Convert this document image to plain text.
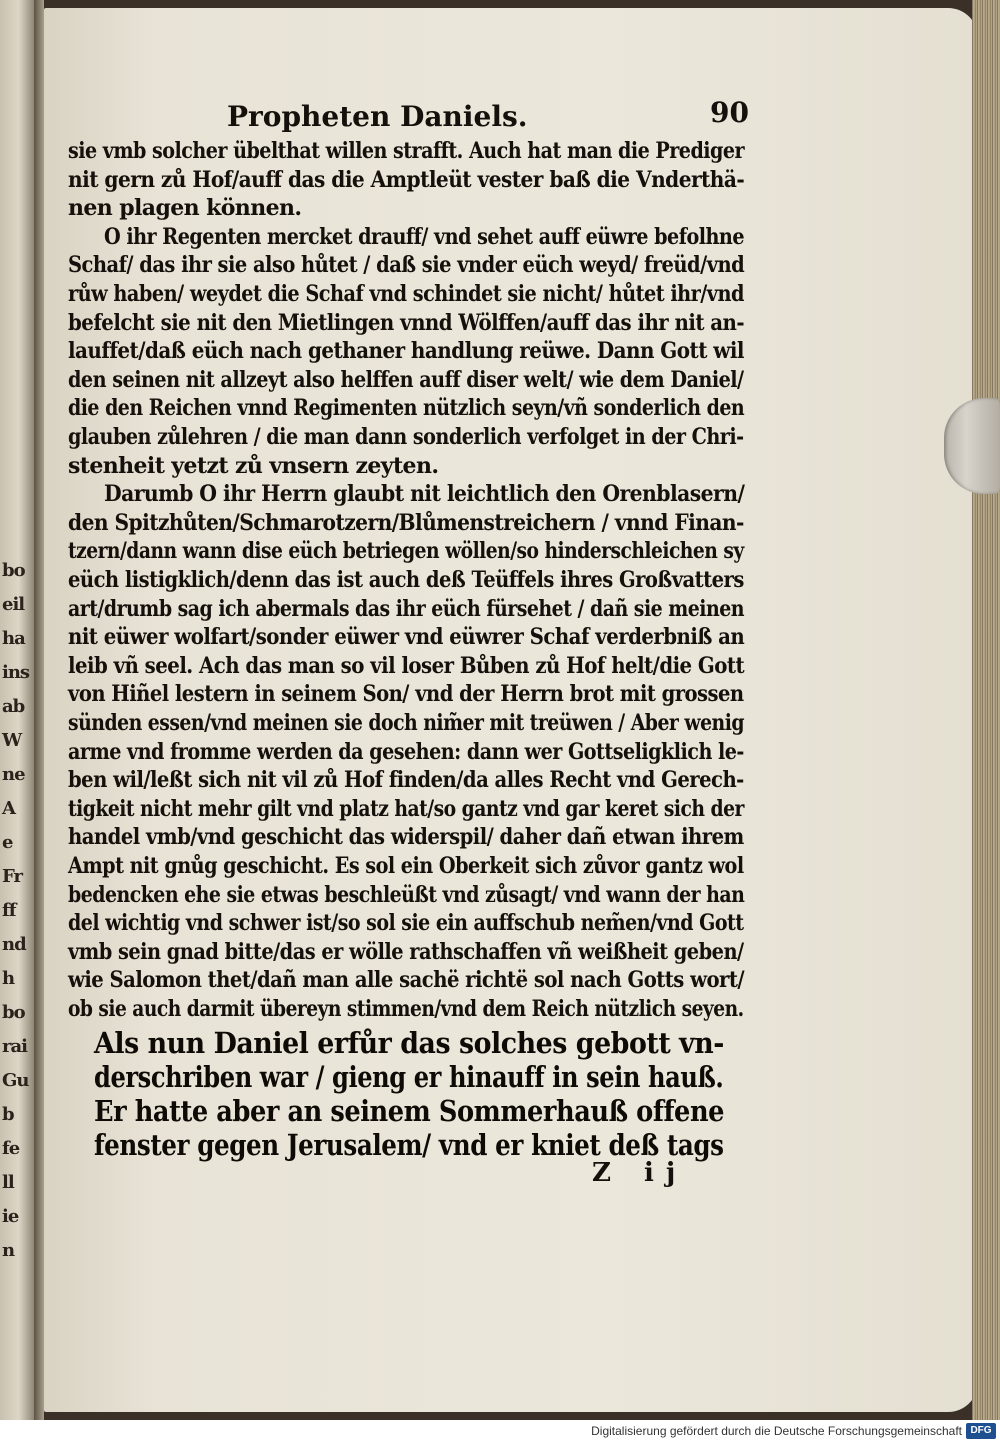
bo
eil
ha
ins
ab
W
ne
A
e
Fr
ff
nd
h
bo
rai
Gu
b
fe
ll
ie
n
Propheten Daniels.	90
sie vmb solcher übelthat willen strafft. Auch hat man die Prediger
nit gern zů Hof/auff das die Amptleüt vester baß die Vnderthä-
nen plagen können.
O ihr Regenten mercket drauff/ vnd sehet auff eüwre befolhne
Schaf/ das ihr sie also hůtet / daß sie vnder eüch weyd/ freüd/vnd
růw haben/ weydet die Schaf vnd schindet sie nicht/ hůtet ihr/vnd
befelcht sie nit den Mietlingen vnnd Wölffen/auff das ihr nit an-
lauffet/daß eüch nach gethaner handlung reüwe. Dann Gott wil
den seinen nit allzeyt also helffen auff diser welt/ wie dem Daniel/
die den Reichen vnnd Regimenten nützlich seyn/vñ sonderlich den
glauben zůlehren / die man dann sonderlich verfolget in der Chri-
stenheit yetzt zů vnsern zeyten.
Darumb O ihr Herrn glaubt nit leichtlich den Orenblasern/
den Spitzhůten/Schmarotzern/Blůmenstreichern / vnnd Finan-
tzern/dann wann dise eüch betriegen wöllen/so hinderschleichen sy
eüch listigklich/denn das ist auch deß Teüffels ihres Großvatters
art/drumb sag ich abermals das ihr eüch fürsehet / dañ sie meinen
nit eüwer wolfart/sonder eüwer vnd eüwrer Schaf verderbniß an
leib vñ seel. Ach das man so vil loser Bůben zů Hof helt/die Gott
von Hiñel lestern in seinem Son/ vnd der Herrn brot mit grossen
sünden essen/vnd meinen sie doch nim̃er mit treüwen / Aber wenig
arme vnd fromme werden da gesehen: dann wer Gottseligklich le-
ben wil/leßt sich nit vil zů Hof finden/da alles Recht vnd Gerech-
tigkeit nicht mehr gilt vnd platz hat/so gantz vnd gar keret sich der
handel vmb/vnd geschicht das widerspil/ daher dañ etwan ihrem
Ampt nit gnůg geschicht. Es sol ein Oberkeit sich zůvor gantz wol
bedencken ehe sie etwas beschleüßt vnd zůsagt/ vnd wann der han
del wichtig vnd schwer ist/so sol sie ein auffschub nem̃en/vnd Gott
vmb sein gnad bitte/das er wölle rathschaffen vñ weißheit geben/
wie Salomon thet/dañ man alle sachë richtë sol nach Gotts wort/
ob sie auch darmit übereyn stimmen/vnd dem Reich nützlich seyen.
Als nun Daniel erfůr das solches gebott vn-
derschriben war / gieng er hinauff in sein hauß.
Er hatte aber an seinem Sommerhauß offene
fenster gegen Jerusalem/ vnd er kniet deß tags
Z ij
Digitalisierung gefördert durch die Deutsche Forschungsgemeinschaft DFG
